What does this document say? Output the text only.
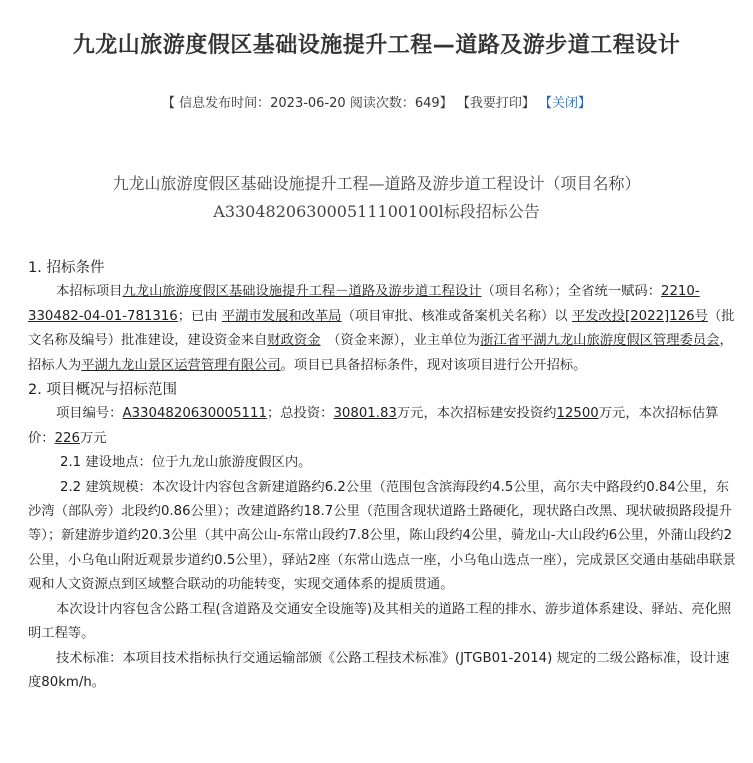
九龙山旅游度假区基础设施提升工程—道路及游步道工程设计
【 信息发布时间：2023-06-20 阅读次数：649】 【我要打印】 【关闭】
九龙山旅游度假区基础设施提升工程—道路及游步道工程设计（项目名称）
A330482063000511100100l标段招标公告

1. 招标条件

本招标项目九龙山旅游度假区基础设施提升工程－道路及游步道工程设计（项目名称）；全省统一赋码：2210-330482-04-01-781316；已由 平湖市发展和改革局（项目审批、核准或备案机关名称）以 平发改投[2022]126号（批文名称及编号）批准建设，建设资金来自财政资金　（资金来源），业主单位为浙江省平湖九龙山旅游度假区管理委员会，招标人为平湖九龙山景区运营管理有限公司。项目已具备招标条件，现对该项目进行公开招标。

2. 项目概况与招标范围

项目编号：A3304820630005111；总投资：30801.83万元，本次招标建安投资约12500万元，本次招标估算价：226万元

2.1 建设地点：位于九龙山旅游度假区内。

2.2 建筑规模：本次设计内容包含新建道路约6.2公里（范围包含滨海段约4.5公里，高尔夫中路段约0.84公里，东沙湾（部队旁）北段约0.86公里）；改建道路约18.7公里（范围含现状道路土路硬化，现状路白改黑、现状破损路段提升等）；新建游步道约20.3公里（其中高公山-东常山段约7.8公里，陈山段约4公里，骑龙山-大山段约6公里，外蒲山段约2公里，小乌龟山附近观景步道约0.5公里），驿站2座（东常山选点一座，小乌龟山选点一座），完成景区交通由基础串联景观和人文资源点到区域整合联动的功能转变，实现交通体系的提质贯通。

本次设计内容包含公路工程(含道路及交通安全设施等)及其相关的道路工程的排水、游步道体系建设、驿站、亮化照明工程等。

技术标准：本项目技术指标执行交通运输部颁《公路工程技术标准》(JTGB01-2014) 规定的二级公路标准，设计速度80km/h。
